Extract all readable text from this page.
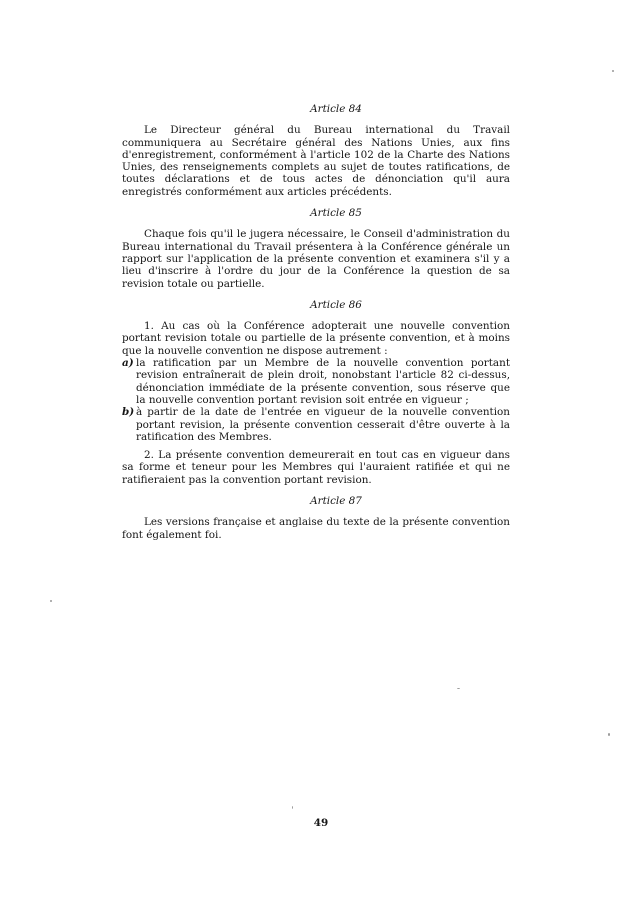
Article 84

Le Directeur général du Bureau international du Travail communiquera au Secrétaire général des Nations Unies, aux fins d'enregistrement, conformément à l'article 102 de la Charte des Nations Unies, des renseignements complets au sujet de toutes ratifications, de toutes déclarations et de tous actes de dénonciation qu'il aura enregistrés conformément aux articles précédents.

Article 85

Chaque fois qu'il le jugera nécessaire, le Conseil d'administration du Bureau international du Travail présentera à la Conférence générale un rapport sur l'application de la présente convention et examinera s'il y a lieu d'inscrire à l'ordre du jour de la Conférence la question de sa revision totale ou partielle.

Article 86

1. Au cas où la Conférence adopterait une nouvelle convention portant revision totale ou partielle de la présente convention, et à moins que la nouvelle convention ne dispose autrement :

a) la ratification par un Membre de la nouvelle convention portant revision entraînerait de plein droit, nonobstant l'article 82 ci-dessus, dénonciation immédiate de la présente convention, sous réserve que la nouvelle convention portant revision soit entrée en vigueur ;
b) à partir de la date de l'entrée en vigueur de la nouvelle convention portant revision, la présente convention cesserait d'être ouverte à la ratification des Membres.

2. La présente convention demeurerait en tout cas en vigueur dans sa forme et teneur pour les Membres qui l'auraient ratifiée et qui ne ratifieraient pas la convention portant revision.

Article 87

Les versions française et anglaise du texte de la présente convention font également foi.

49
